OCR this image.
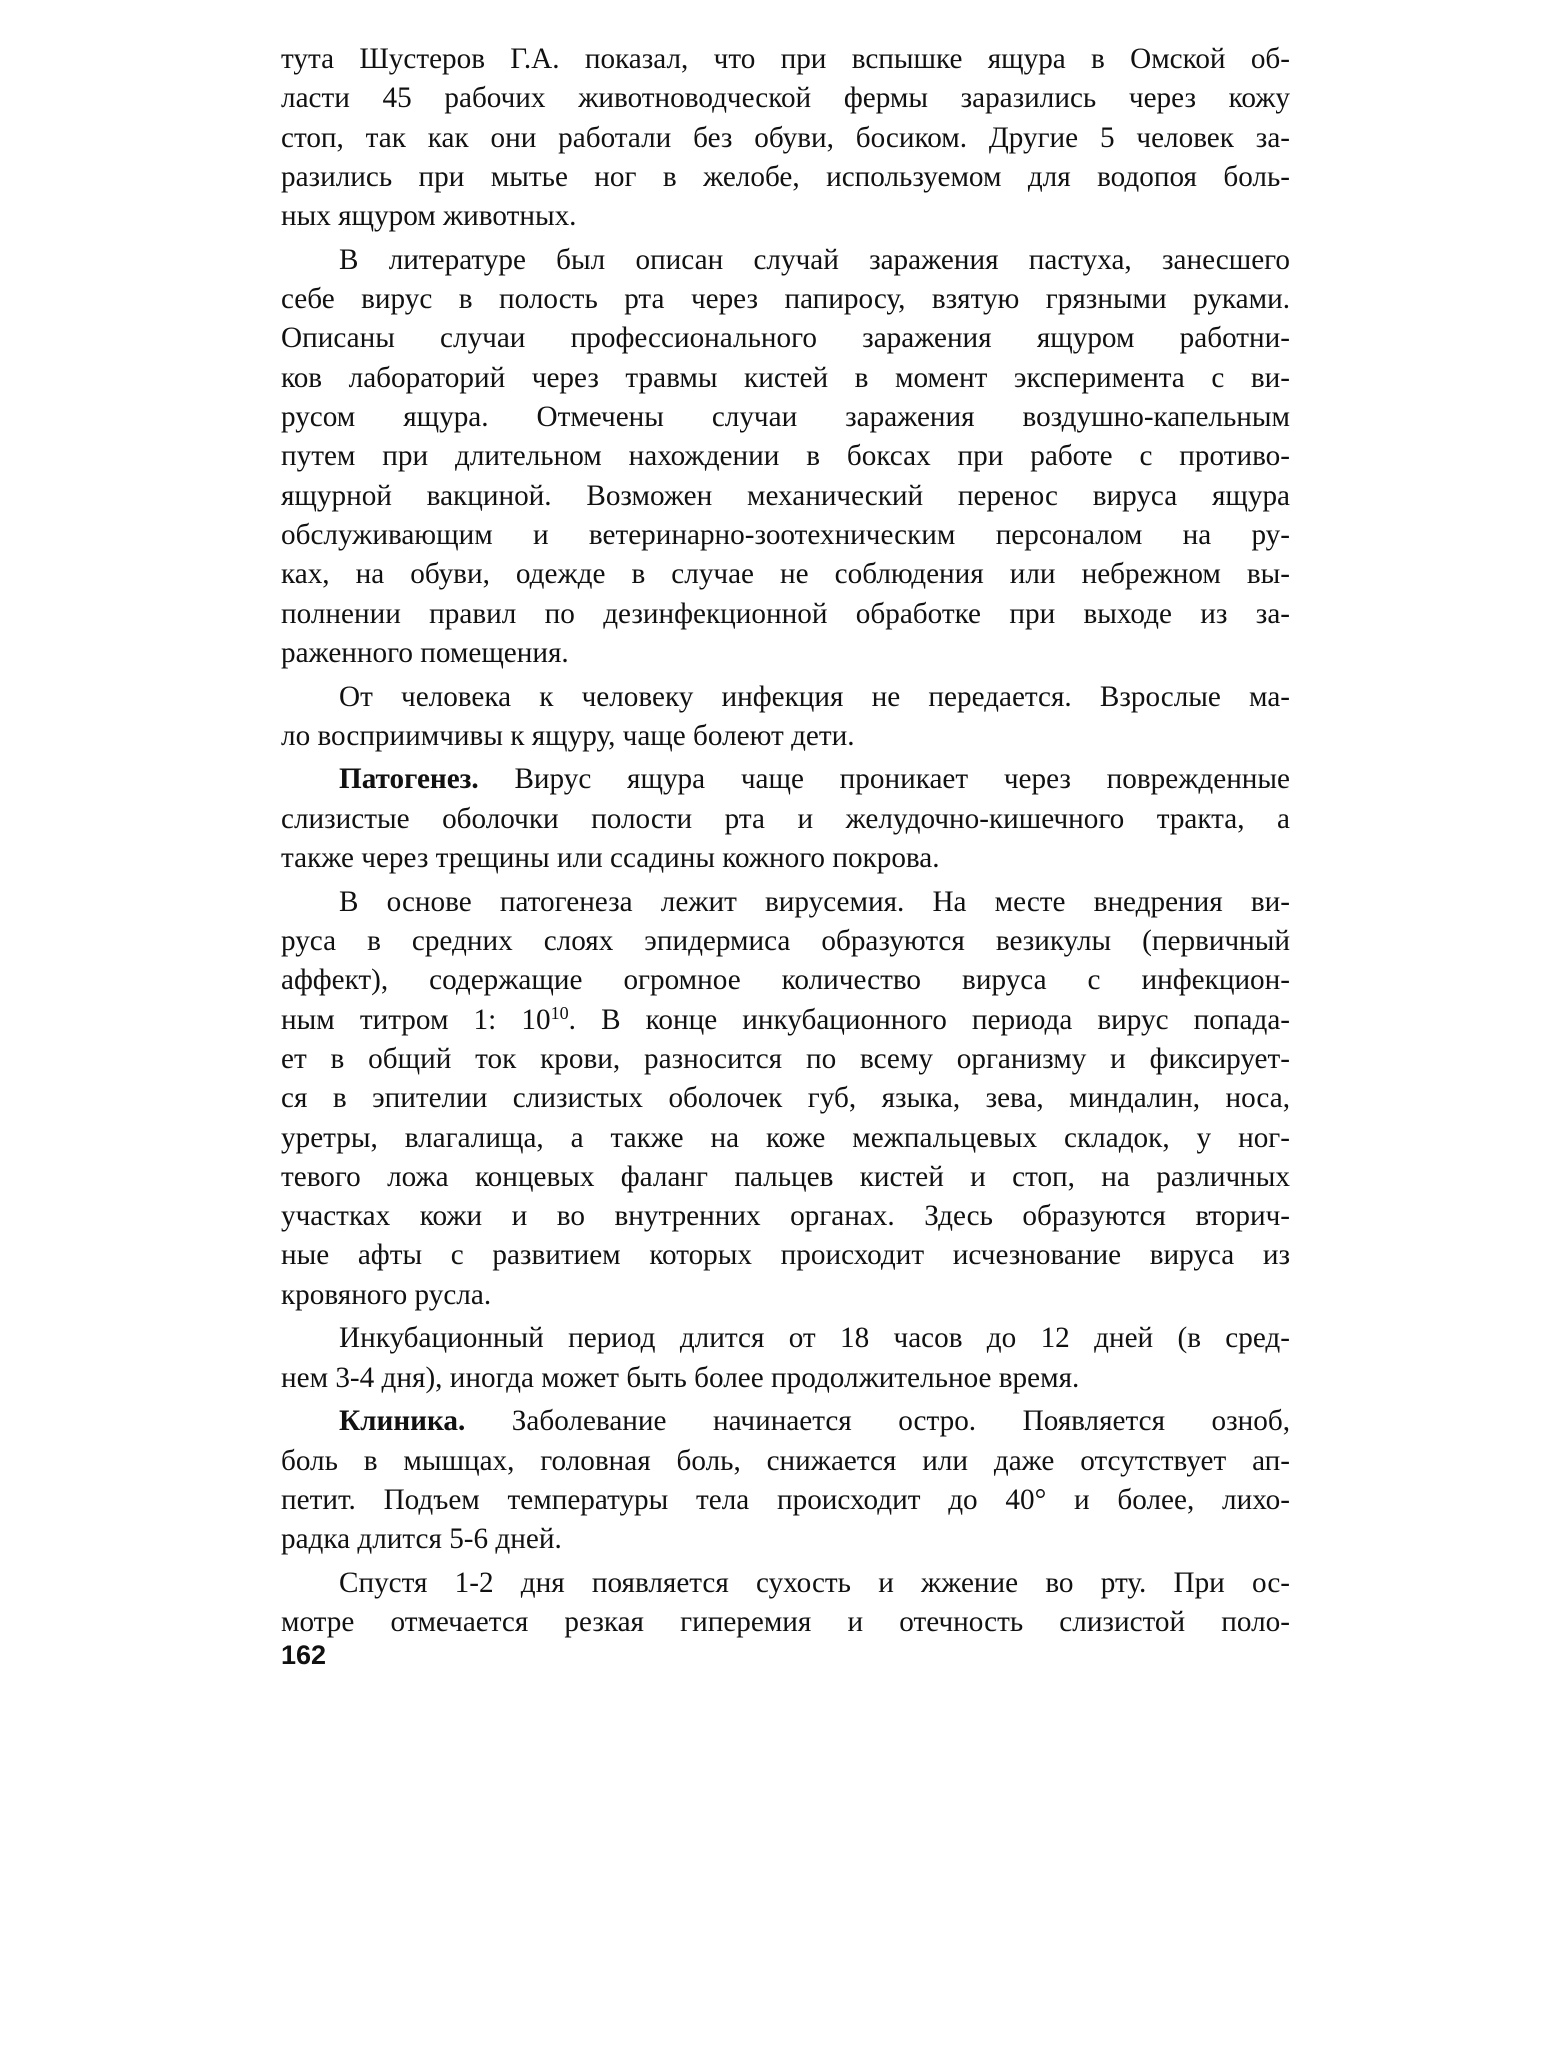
тута Шустеров Г.А. показал, что при вспышке ящура в Омской об-
ласти 45 рабочих животноводческой фермы заразились через кожу
стоп, так как они работали без обуви, босиком. Другие 5 человек за-
разились при мытье ног в желобе, используемом для водопоя боль-
ных ящуром животных.

В литературе был описан случай заражения пастуха, занесшего
себе вирус в полость рта через папиросу, взятую грязными руками.
Описаны случаи профессионального заражения ящуром работни-
ков лабораторий через травмы кистей в момент эксперимента с ви-
русом ящура. Отмечены случаи заражения воздушно-капельным
путем при длительном нахождении в боксах при работе с противо-
ящурной вакциной. Возможен механический перенос вируса ящура
обслуживающим и ветеринарно-зоотехническим персоналом на ру-
ках, на обуви, одежде в случае не соблюдения или небрежном вы-
полнении правил по дезинфекционной обработке при выходе из за-
раженного помещения.

От человека к человеку инфекция не передается. Взрослые ма-
ло восприимчивы к ящуру, чаще болеют дети.

Патогенез. Вирус ящура чаще проникает через поврежденные
слизистые оболочки полости рта и желудочно-кишечного тракта, а
также через трещины или ссадины кожного покрова.

В основе патогенеза лежит вирусемия. На месте внедрения ви-
руса в средних слоях эпидермиса образуются везикулы (первичный
аффект), содержащие огромное количество вируса с инфекцион-
ным титром 1: $10^{10}$. В конце инкубационного периода вирус попада-
ет в общий ток крови, разносится по всему организму и фиксирует-
ся в эпителии слизистых оболочек губ, языка, зева, миндалин, носа,
уретры, влагалища, а также на коже межпальцевых складок, у ног-
тевого ложа концевых фаланг пальцев кистей и стоп, на различных
участках кожи и во внутренних органах. Здесь образуются вторич-
ные афты с развитием которых происходит исчезнование вируса из
кровяного русла.

Инкубационный период длится от 18 часов до 12 дней (в сред-
нем 3-4 дня), иногда может быть более продолжительное время.

Клиника. Заболевание начинается остро. Появляется озноб,
боль в мышцах, головная боль, снижается или даже отсутствует ап-
петит. Подъем температуры тела происходит до 40° и более, лихо-
радка длится 5-6 дней.

Спустя 1-2 дня появляется сухость и жжение во рту. При ос-
мотре отмечается резкая гиперемия и отечность слизистой поло-

162
